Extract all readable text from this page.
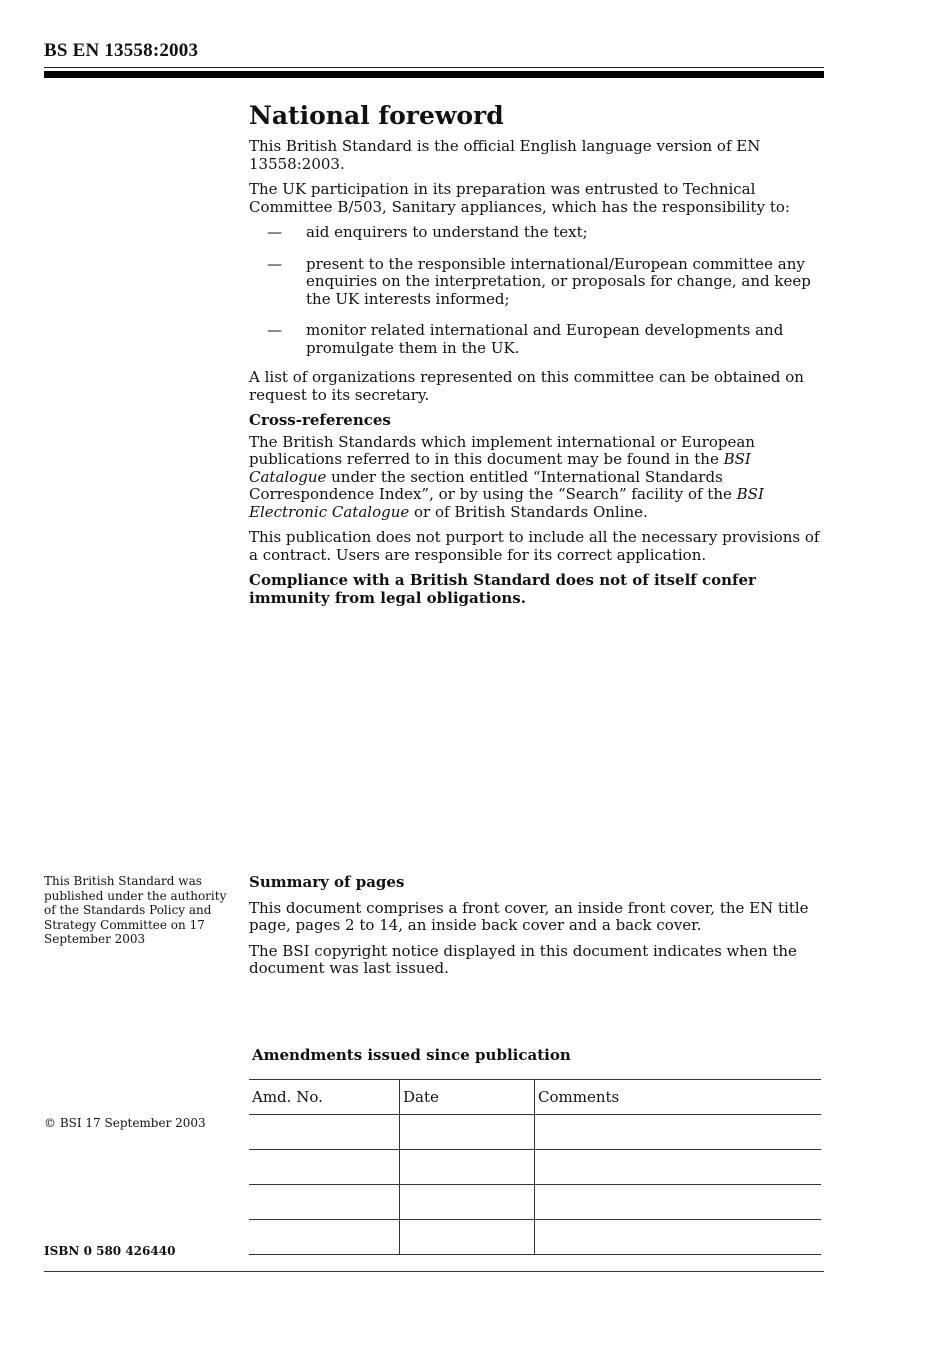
BS EN 13558:2003
National foreword

This British Standard is the official English language version of EN 13558:2003.

The UK participation in its preparation was entrusted to Technical Committee B/503, Sanitary appliances, which has the responsibility to:

— aid enquirers to understand the text;
— present to the responsible international/European committee any enquiries on the interpretation, or proposals for change, and keep the UK interests informed;
— monitor related international and European developments and promulgate them in the UK.

A list of organizations represented on this committee can be obtained on request to its secretary.

Cross-references

The British Standards which implement international or European publications referred to in this document may be found in the BSI Catalogue under the section entitled “International Standards Correspondence Index”, or by using the “Search” facility of the BSI Electronic Catalogue or of British Standards Online.

This publication does not purport to include all the necessary provisions of a contract. Users are responsible for its correct application.

Compliance with a British Standard does not of itself confer immunity from legal obligations.

This British Standard was published under the authority of the Standards Policy and Strategy Committee on 17 September 2003

Summary of pages

This document comprises a front cover, an inside front cover, the EN title page, pages 2 to 14, an inside back cover and a back cover.

The BSI copyright notice displayed in this document indicates when the document was last issued.

Amendments issued since publication
Amd. No.	Date	Comments

© BSI 17 September 2003
ISBN 0 580 426440
